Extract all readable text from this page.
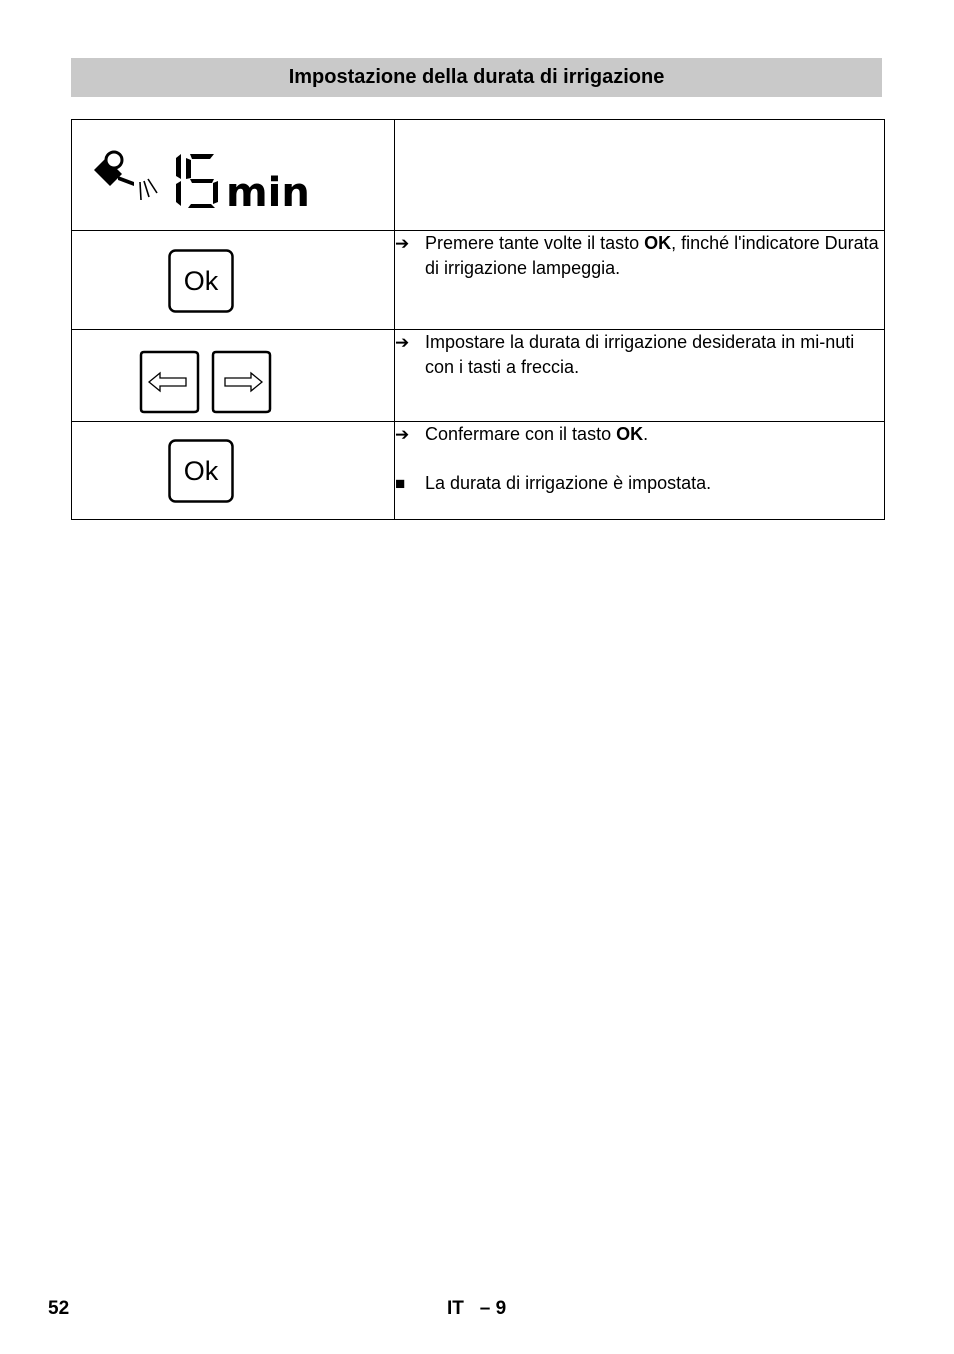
Impostazione della durata di irrigazione
min	

Ok	➔ Premere tante volte il tasto OK, finché l'indicatore Durata di irrigazione lampeggia.

➔ Impostare la durata di irrigazione desiderata in mi-nuti con i tasti a freccia.

Ok	➔ Confermare con il tasto OK.
■ La durata di irrigazione è impostata.
52	IT   – 9
